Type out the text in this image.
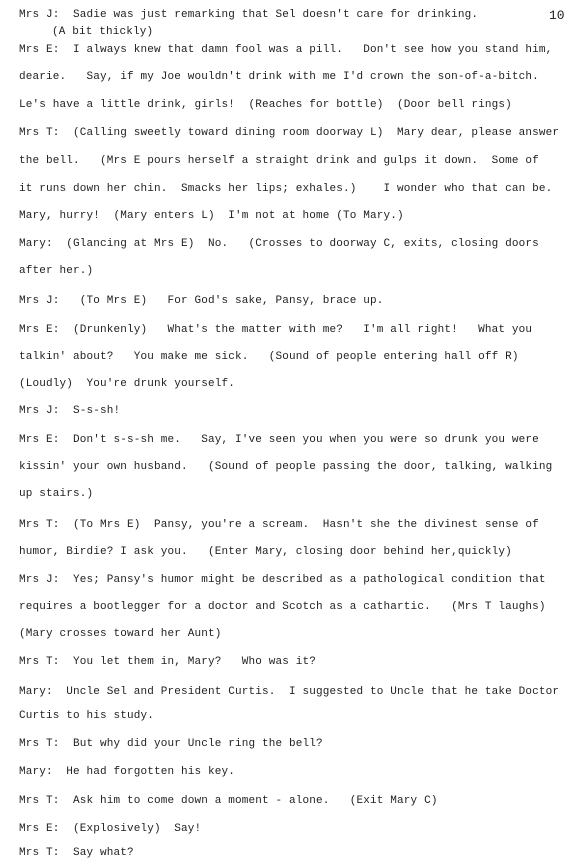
10
Mrs J:  Sadie was just remarking that Sel doesn't care for drinking.
(A bit thickly)
Mrs E:  I always knew that damn fool was a pill.   Don't see how you stand him,
dearie.   Say, if my Joe wouldn't drink with me I'd crown the son-of-a-bitch.
Le's have a little drink, girls!  (Reaches for bottle)  (Door bell rings)
Mrs T:  (Calling sweetly toward dining room doorway L)  Mary dear, please answer
the bell.   (Mrs E pours herself a straight drink and gulps it down.  Some of
it runs down her chin.  Smacks her lips; exhales.)    I wonder who that can be.
Mary, hurry!  (Mary enters L)  I'm not at home (To Mary.)
Mary:  (Glancing at Mrs E)  No.   (Crosses to doorway C, exits, closing doors
after her.)
Mrs J:   (To Mrs E)   For God's sake, Pansy, brace up.
Mrs E:  (Drunkenly)   What's the matter with me?   I'm all right!   What you
talkin' about?   You make me sick.   (Sound of people entering hall off R)
(Loudly)  You're drunk yourself.
Mrs J:  S-s-sh!
Mrs E:  Don't s-s-sh me.   Say, I've seen you when you were so drunk you were
kissin' your own husband.   (Sound of people passing the door, talking, walking
up stairs.)
Mrs T:  (To Mrs E)  Pansy, you're a scream.  Hasn't she the divinest sense of
humor, Birdie? I ask you.   (Enter Mary, closing door behind her,quickly)
Mrs J:  Yes; Pansy's humor might be described as a pathological condition that
requires a bootlegger for a doctor and Scotch as a cathartic.   (Mrs T laughs)
(Mary crosses toward her Aunt)
Mrs T:  You let them in, Mary?   Who was it?
Mary:  Uncle Sel and President Curtis.  I suggested to Uncle that he take Doctor
Curtis to his study.
Mrs T:  But why did your Uncle ring the bell?
Mary:  He had forgotten his key.
Mrs T:  Ask him to come down a moment - alone.   (Exit Mary C)
Mrs E:  (Explosively)  Say!
Mrs T:  Say what?
